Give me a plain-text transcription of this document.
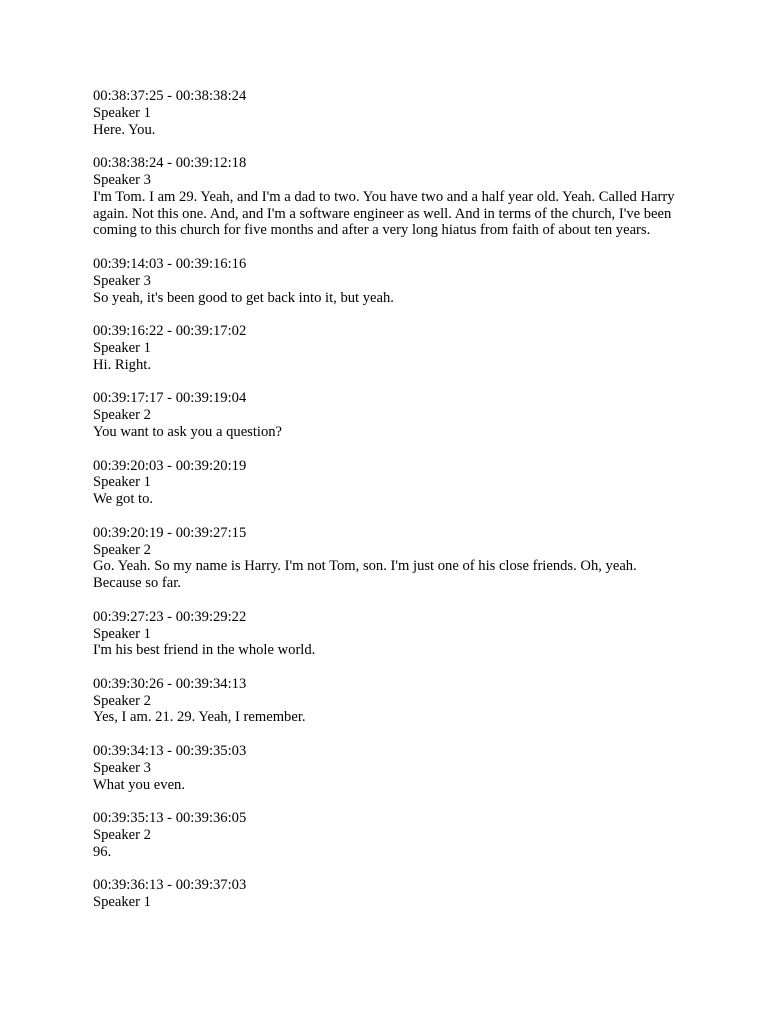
00:38:37:25 - 00:38:38:24
Speaker 1
Here. You.
00:38:38:24 - 00:39:12:18
Speaker 3
I'm Tom. I am 29. Yeah, and I'm a dad to two. You have two and a half year old. Yeah. Called Harry again. Not this one. And, and I'm a software engineer as well. And in terms of the church, I've been coming to this church for five months and after a very long hiatus from faith of about ten years.
00:39:14:03 - 00:39:16:16
Speaker 3
So yeah, it's been good to get back into it, but yeah.
00:39:16:22 - 00:39:17:02
Speaker 1
Hi. Right.
00:39:17:17 - 00:39:19:04
Speaker 2
You want to ask you a question?
00:39:20:03 - 00:39:20:19
Speaker 1
We got to.
00:39:20:19 - 00:39:27:15
Speaker 2
Go. Yeah. So my name is Harry. I'm not Tom, son. I'm just one of his close friends. Oh, yeah. Because so far.
00:39:27:23 - 00:39:29:22
Speaker 1
I'm his best friend in the whole world.
00:39:30:26 - 00:39:34:13
Speaker 2
Yes, I am. 21. 29. Yeah, I remember.
00:39:34:13 - 00:39:35:03
Speaker 3
What you even.
00:39:35:13 - 00:39:36:05
Speaker 2
96.
00:39:36:13 - 00:39:37:03
Speaker 1
